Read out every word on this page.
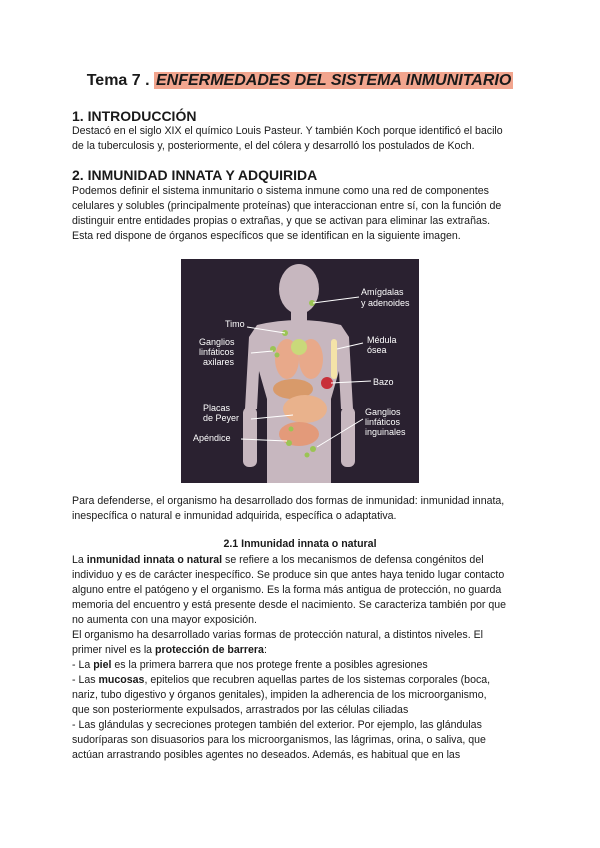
Tema 7 . ENFERMEDADES DEL SISTEMA INMUNITARIO
1. INTRODUCCIÓN

Destacó en el siglo XIX el químico Louis Pasteur. Y también Koch porque identificó el bacilo

de la tuberculosis y, posteriormente, el del cólera y desarrolló los postulados de Koch.

2. INMUNIDAD INNATA Y ADQUIRIDA

Podemos definir el sistema inmunitario o sistema inmune como una red de componentes

celulares y solubles (principalmente proteínas) que interaccionan entre sí, con la función de

distinguir entre entidades propias o extrañas, y que se activan para eliminar las extrañas.

Esta red dispone de órganos específicos que se identifican en la siguiente imagen.

Amígdalas
y adenoides
Timo
Ganglios
linfáticos
axilares
Médula
ósea
Bazo
Placas
de Peyer
Ganglios
linfáticos
inguinales
Apéndice

Para defenderse, el organismo ha desarrollado dos formas de inmunidad: inmunidad innata,

inespecífica o natural e inmunidad adquirida, específica o adaptativa.

2.1 Inmunidad innata o natural

La inmunidad innata o natural se refiere a los mecanismos de defensa congénitos del

individuo y es de carácter inespecífico. Se produce sin que antes haya tenido lugar contacto

alguno entre el patógeno y el organismo. Es la forma más antigua de protección, no guarda

memoria del encuentro y está presente desde el nacimiento. Se caracteriza también por que

no aumenta con una mayor exposición.

El organismo ha desarrollado varias formas de protección natural, a distintos niveles. El

primer nivel es la protección de barrera:

- La piel es la primera barrera que nos protege frente a posibles agresiones

- Las mucosas, epitelios que recubren aquellas partes de los sistemas corporales (boca,

nariz, tubo digestivo y órganos genitales), impiden la adherencia de los microorganismo,

que son posteriormente expulsados, arrastrados por las células ciliadas

- Las glándulas y secreciones protegen también del exterior. Por ejemplo, las glándulas

sudoríparas son disuasorios para los microorganismos, las lágrimas, orina, o saliva, que

actúan arrastrando posibles agentes no deseados. Además, es habitual que en las
